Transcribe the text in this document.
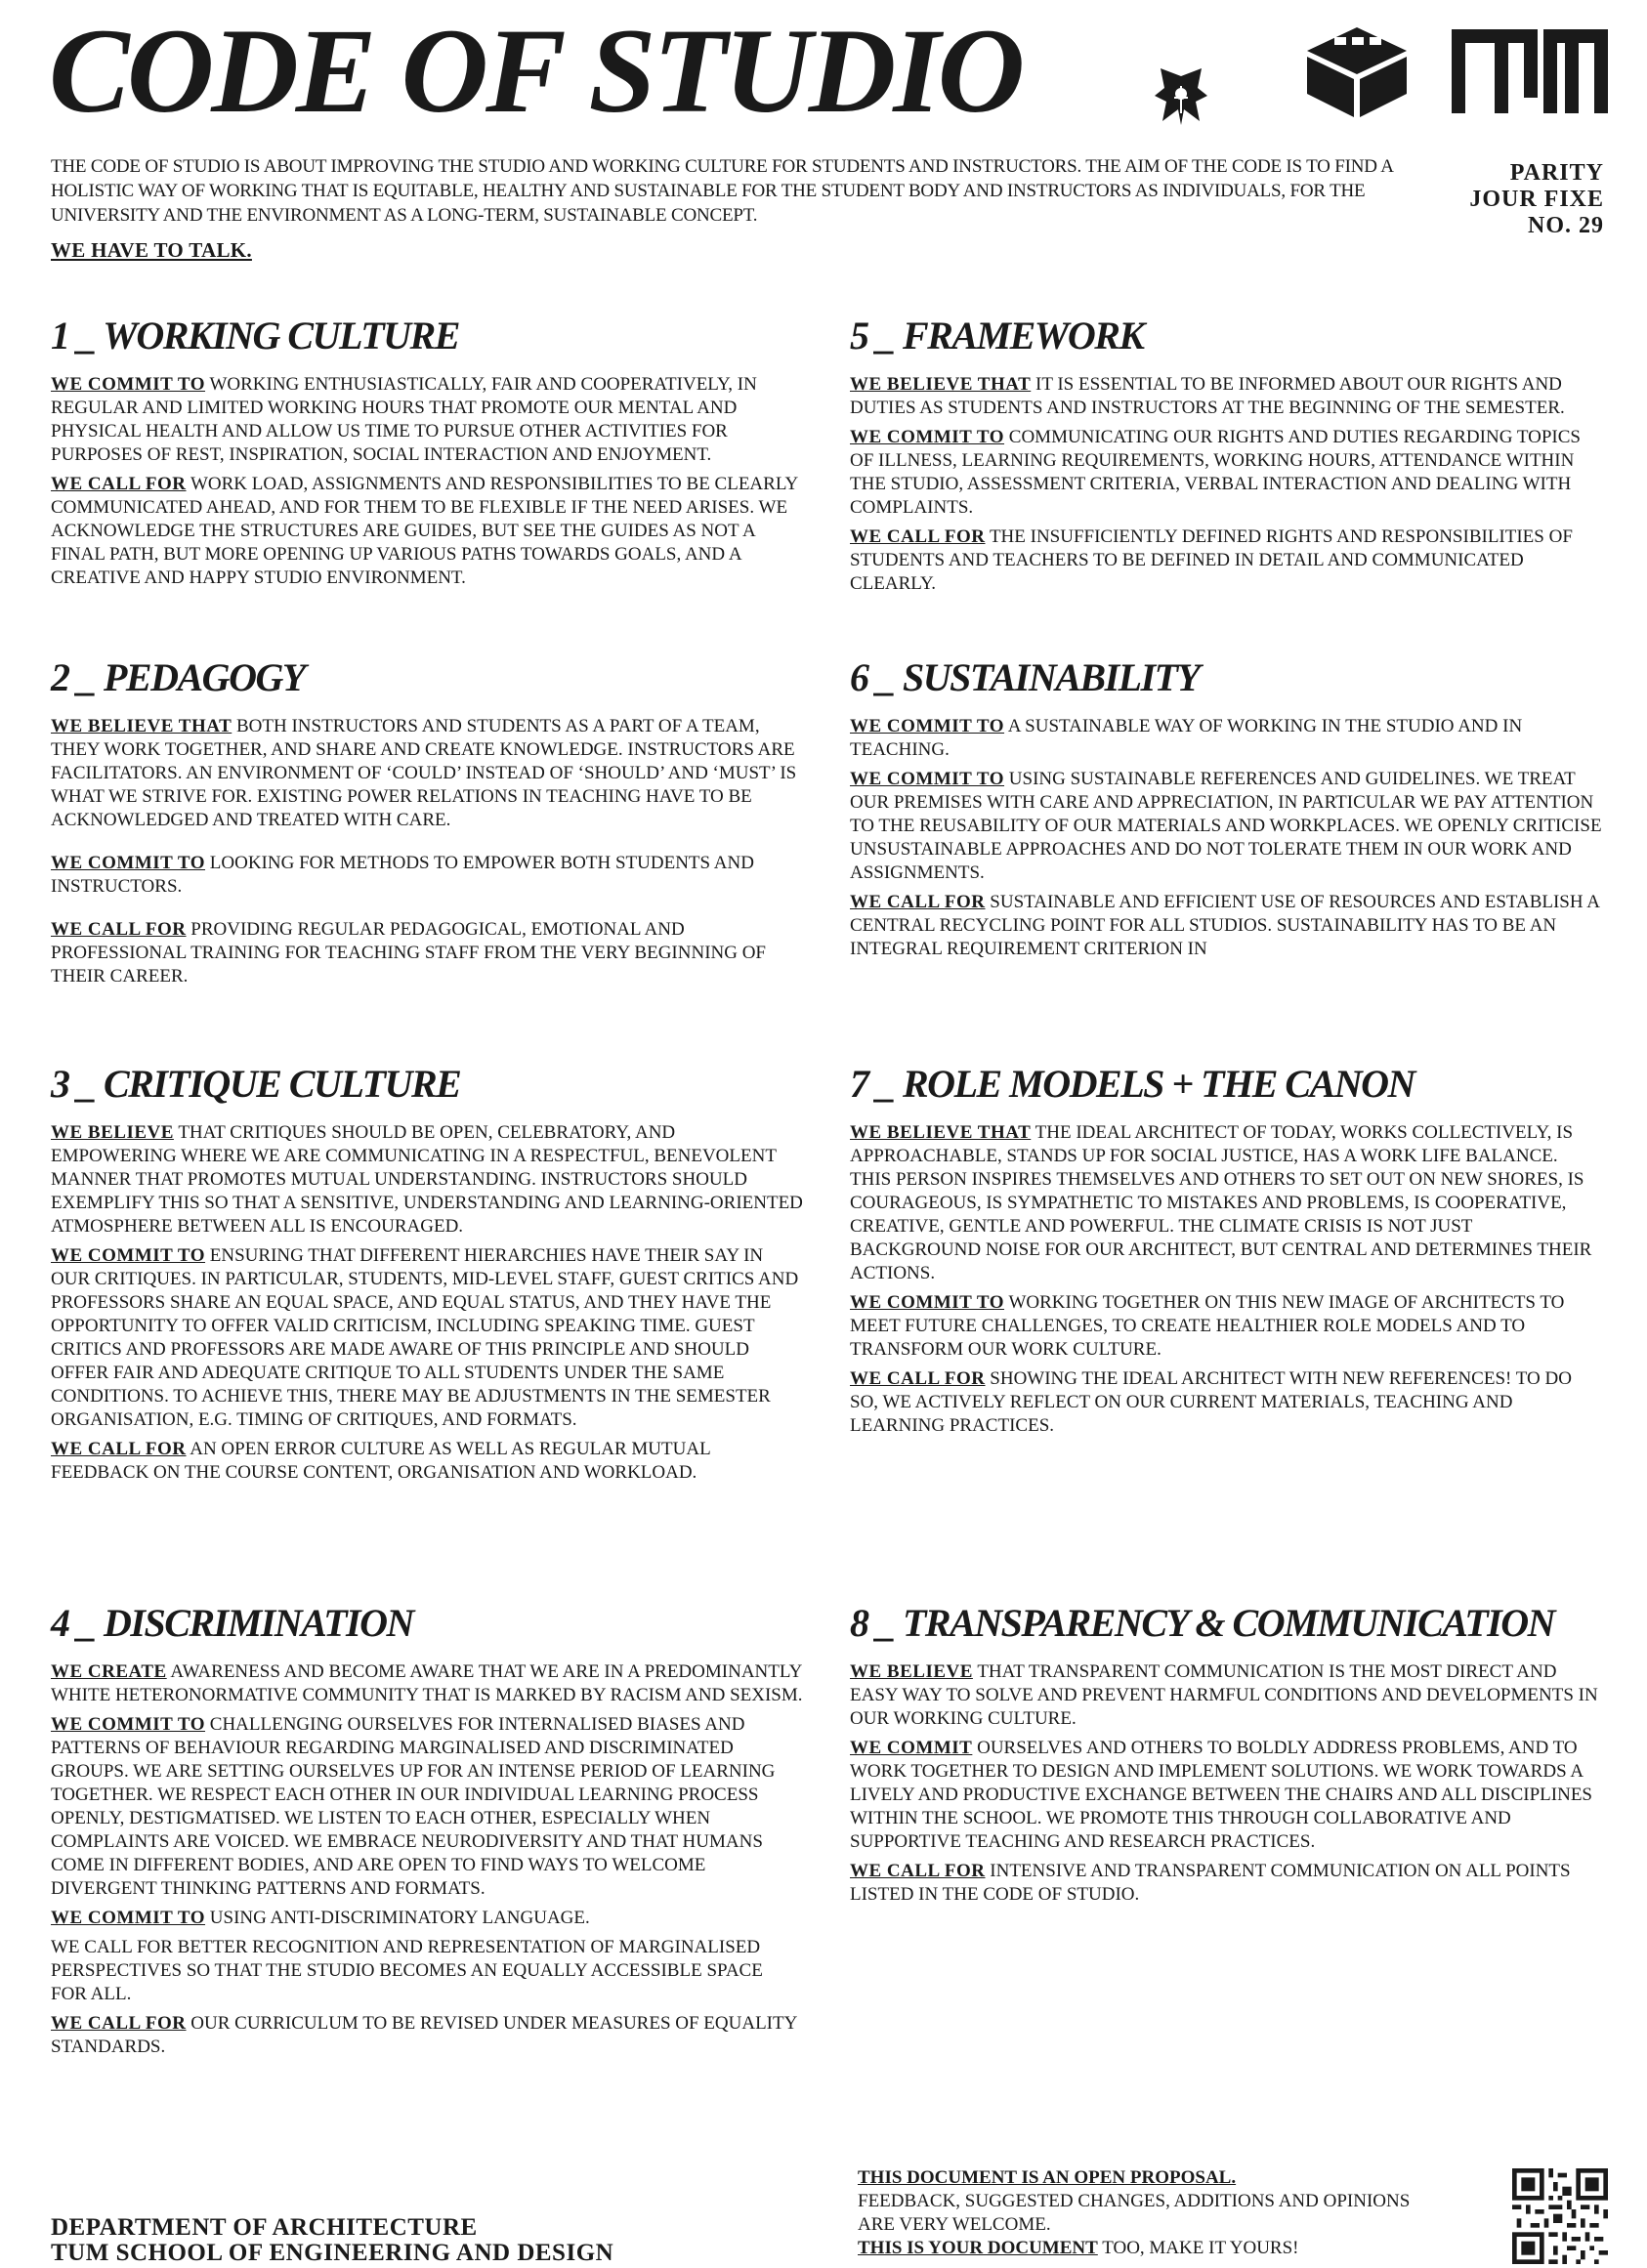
CODE OF STUDIO

THE CODE OF STUDIO IS ABOUT IMPROVING THE STUDIO AND WORKING CULTURE FOR STUDENTS AND INSTRUCTORS. THE AIM OF THE CODE IS TO FIND A HOLISTIC WAY OF WORKING THAT IS EQUITABLE, HEALTHY AND SUSTAINABLE FOR THE STUDENT BODY AND INSTRUCTORS AS INDIVIDUALS, FOR THE UNIVERSITY AND THE ENVIRONMENT AS A LONG-TERM, SUSTAINABLE CONCEPT.

WE HAVE TO TALK.

PARITY
JOUR FIXE
NO. 29
1 _ WORKING CULTURE

WE COMMIT TO WORKING ENTHUSIASTICALLY, FAIR AND COOPERATIVELY, IN REGULAR AND LIMITED WORKING HOURS THAT PROMOTE OUR MENTAL AND PHYSICAL HEALTH AND ALLOW US TIME TO PURSUE OTHER ACTIVITIES FOR PURPOSES OF REST, INSPIRATION, SOCIAL INTERACTION AND ENJOYMENT.

WE CALL FOR WORK LOAD, ASSIGNMENTS AND RESPONSIBILITIES TO BE CLEARLY COMMUNICATED AHEAD, AND FOR THEM TO BE FLEXIBLE IF THE NEED ARISES. WE ACKNOWLEDGE THE STRUCTURES ARE GUIDES, BUT SEE THE GUIDES AS NOT A FINAL PATH, BUT MORE OPENING UP VARIOUS PATHS TOWARDS GOALS, AND A CREATIVE AND HAPPY STUDIO ENVIRONMENT.

2 _ PEDAGOGY

WE BELIEVE THAT BOTH INSTRUCTORS AND STUDENTS AS A PART OF A TEAM, THEY WORK TOGETHER, AND SHARE AND CREATE KNOWLEDGE. INSTRUCTORS ARE FACILITATORS. AN ENVIRONMENT OF ‘COULD’ INSTEAD OF ‘SHOULD’ AND ‘MUST’ IS WHAT WE STRIVE FOR. EXISTING POWER RELATIONS IN TEACHING HAVE TO BE ACKNOWLEDGED AND TREATED WITH CARE.

WE COMMIT TO LOOKING FOR METHODS TO EMPOWER BOTH STUDENTS AND INSTRUCTORS.

WE CALL FOR PROVIDING REGULAR PEDAGOGICAL, EMOTIONAL AND PROFESSIONAL TRAINING FOR TEACHING STAFF FROM THE VERY BEGINNING OF THEIR CAREER.

3 _ CRITIQUE CULTURE

WE BELIEVE THAT CRITIQUES SHOULD BE OPEN, CELEBRATORY, AND EMPOWERING WHERE WE ARE COMMUNICATING IN A RESPECTFUL, BENEVOLENT MANNER THAT PROMOTES MUTUAL UNDERSTANDING. INSTRUCTORS SHOULD EXEMPLIFY THIS SO THAT A SENSITIVE, UNDERSTANDING AND LEARNING-ORIENTED ATMOSPHERE BETWEEN ALL IS ENCOURAGED.

WE COMMIT TO ENSURING THAT DIFFERENT HIERARCHIES HAVE THEIR SAY IN OUR CRITIQUES. IN PARTICULAR, STUDENTS, MID-LEVEL STAFF, GUEST CRITICS AND PROFESSORS SHARE AN EQUAL SPACE, AND EQUAL STATUS, AND THEY HAVE THE OPPORTUNITY TO OFFER VALID CRITICISM, INCLUDING SPEAKING TIME. GUEST CRITICS AND PROFESSORS ARE MADE AWARE OF THIS PRINCIPLE AND SHOULD OFFER FAIR AND ADEQUATE CRITIQUE TO ALL STUDENTS UNDER THE SAME CONDITIONS. TO ACHIEVE THIS, THERE MAY BE ADJUSTMENTS IN THE SEMESTER ORGANISATION, E.G. TIMING OF CRITIQUES, AND FORMATS.

WE CALL FOR AN OPEN ERROR CULTURE AS WELL AS REGULAR MUTUAL FEEDBACK ON THE COURSE CONTENT, ORGANISATION AND WORKLOAD.

4 _ DISCRIMINATION

WE CREATE AWARENESS AND BECOME AWARE THAT WE ARE IN A PREDOMINANTLY WHITE HETERONORMATIVE COMMUNITY THAT IS MARKED BY RACISM AND SEXISM.

WE COMMIT TO CHALLENGING OURSELVES FOR INTERNALISED BIASES AND PATTERNS OF BEHAVIOUR REGARDING MARGINALISED AND DISCRIMINATED GROUPS. WE ARE SETTING OURSELVES UP FOR AN INTENSE PERIOD OF LEARNING TOGETHER. WE RESPECT EACH OTHER IN OUR INDIVIDUAL LEARNING PROCESS OPENLY, DESTIGMATISED. WE LISTEN TO EACH OTHER, ESPECIALLY WHEN COMPLAINTS ARE VOICED. WE EMBRACE NEURODIVERSITY AND THAT HUMANS COME IN DIFFERENT BODIES, AND ARE OPEN TO FIND WAYS TO WELCOME DIVERGENT THINKING PATTERNS AND FORMATS.

WE COMMIT TO USING ANTI-DISCRIMINATORY LANGUAGE.

WE CALL FOR BETTER RECOGNITION AND REPRESENTATION OF MARGINALISED PERSPECTIVES SO THAT THE STUDIO BECOMES AN EQUALLY ACCESSIBLE SPACE FOR ALL.

WE CALL FOR OUR CURRICULUM TO BE REVISED UNDER MEASURES OF EQUALITY STANDARDS.

5 _ FRAMEWORK

WE BELIEVE THAT IT IS ESSENTIAL TO BE INFORMED ABOUT OUR RIGHTS AND DUTIES AS STUDENTS AND INSTRUCTORS AT THE BEGINNING OF THE SEMESTER.

WE COMMIT TO COMMUNICATING OUR RIGHTS AND DUTIES REGARDING TOPICS OF ILLNESS, LEARNING REQUIREMENTS, WORKING HOURS, ATTENDANCE WITHIN THE STUDIO, ASSESSMENT CRITERIA, VERBAL INTERACTION AND DEALING WITH COMPLAINTS.

WE CALL FOR THE INSUFFICIENTLY DEFINED RIGHTS AND RESPONSIBILITIES OF STUDENTS AND TEACHERS TO BE DEFINED IN DETAIL AND COMMUNICATED CLEARLY.

6 _ SUSTAINABILITY

WE COMMIT TO A SUSTAINABLE WAY OF WORKING IN THE STUDIO AND IN TEACHING.

WE COMMIT TO USING SUSTAINABLE REFERENCES AND GUIDELINES. WE TREAT OUR PREMISES WITH CARE AND APPRECIATION, IN PARTICULAR WE PAY ATTENTION TO THE REUSABILITY OF OUR MATERIALS AND WORKPLACES. WE OPENLY CRITICISE UNSUSTAINABLE APPROACHES AND DO NOT TOLERATE THEM IN OUR WORK AND ASSIGNMENTS.

WE CALL FOR SUSTAINABLE AND EFFICIENT USE OF RESOURCES AND ESTABLISH A CENTRAL RECYCLING POINT FOR ALL STUDIOS. SUSTAINABILITY HAS TO BE AN INTEGRAL REQUIREMENT CRITERION IN

7 _ ROLE MODELS + THE CANON

WE BELIEVE THAT THE IDEAL ARCHITECT OF TODAY, WORKS COLLECTIVELY, IS APPROACHABLE, STANDS UP FOR SOCIAL JUSTICE, HAS A WORK LIFE BALANCE. THIS PERSON INSPIRES THEMSELVES AND OTHERS TO SET OUT ON NEW SHORES, IS COURAGEOUS, IS SYMPATHETIC TO MISTAKES AND PROBLEMS, IS COOPERATIVE, CREATIVE, GENTLE AND POWERFUL. THE CLIMATE CRISIS IS NOT JUST BACKGROUND NOISE FOR OUR ARCHITECT, BUT CENTRAL AND DETERMINES THEIR ACTIONS.

WE COMMIT TO WORKING TOGETHER ON THIS NEW IMAGE OF ARCHITECTS TO MEET FUTURE CHALLENGES, TO CREATE HEALTHIER ROLE MODELS AND TO TRANSFORM OUR WORK CULTURE.

WE CALL FOR SHOWING THE IDEAL ARCHITECT WITH NEW REFERENCES! TO DO SO, WE ACTIVELY REFLECT ON OUR CURRENT MATERIALS, TEACHING AND LEARNING PRACTICES.

8 _ TRANSPARENCY & COMMUNICATION

WE BELIEVE THAT TRANSPARENT COMMUNICATION IS THE MOST DIRECT AND EASY WAY TO SOLVE AND PREVENT HARMFUL CONDITIONS AND DEVELOPMENTS IN OUR WORKING CULTURE.

WE COMMIT OURSELVES AND OTHERS TO BOLDLY ADDRESS PROBLEMS, AND TO WORK TOGETHER TO DESIGN AND IMPLEMENT SOLUTIONS. WE WORK TOWARDS A LIVELY AND PRODUCTIVE EXCHANGE BETWEEN THE CHAIRS AND ALL DISCIPLINES WITHIN THE SCHOOL. WE PROMOTE THIS THROUGH COLLABORATIVE AND SUPPORTIVE TEACHING AND RESEARCH PRACTICES.

WE CALL FOR INTENSIVE AND TRANSPARENT COMMUNICATION ON ALL POINTS LISTED IN THE CODE OF STUDIO.

DEPARTMENT OF ARCHITECTURE
TUM SCHOOL OF ENGINEERING AND DESIGN
THIS DOCUMENT IS AN OPEN PROPOSAL.
FEEDBACK, SUGGESTED CHANGES, ADDITIONS AND OPINIONS
ARE VERY WELCOME.
THIS IS YOUR DOCUMENT TOO, MAKE IT YOURS!
